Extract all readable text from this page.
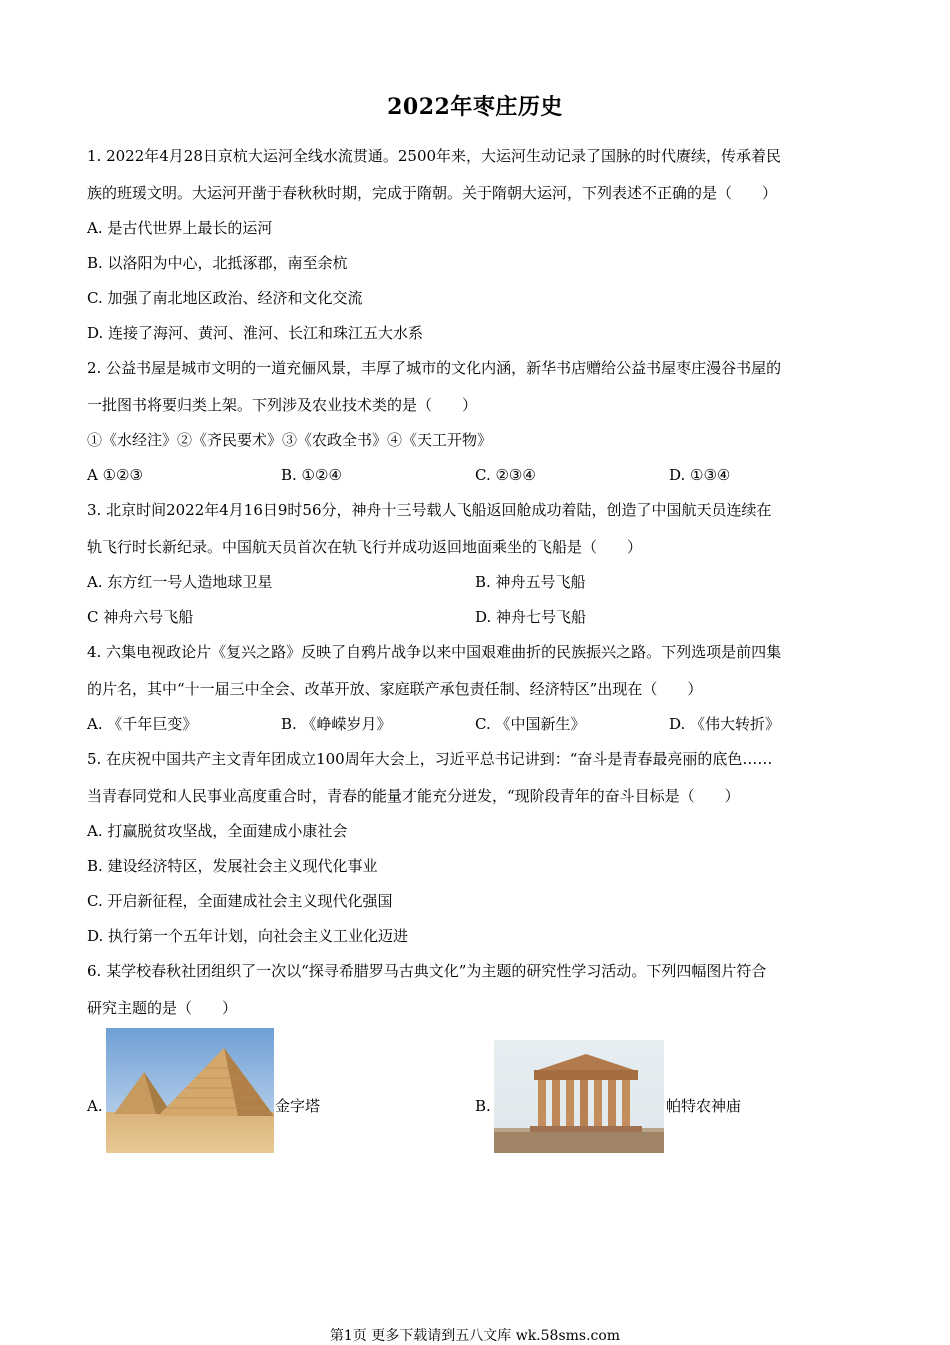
2022年枣庄历史
1. 2022年4月28日京杭大运河全线水流贯通。2500年来，大运河生动记录了国脉的时代赓续，传承着民
族的班瑗文明。大运河开凿于春秋秋时期，完成于隋朝。关于隋朝大运河，下列表述不正确的是（　　）
A. 是古代世界上最长的运河
B. 以洛阳为中心，北抵涿郡，南至余杭
C. 加强了南北地区政治、经济和文化交流
D. 连接了海河、黄河、淮河、长江和珠江五大水系
2. 公益书屋是城市文明的一道充俪风景，丰厚了城市的文化内涵，新华书店赠给公益书屋枣庄漫谷书屋的
一批图书将要归类上架。下列涉及农业技术类的是（　　）
①《水经注》②《齐民要术》③《农政全书》④《天工开物》
A ①②③	B. ①②④	C. ②③④	D. ①③④
3. 北京时间2022年4月16日9时56分，神舟十三号载人飞船返回舱成功着陆，创造了中国航天员连续在
轨飞行时长新纪录。中国航天员首次在轨飞行并成功返回地面乘坐的飞船是（　　）
A. 东方红一号人造地球卫星	B. 神舟五号飞船
C 神舟六号飞船	D. 神舟七号飞船
4. 六集电视政论片《复兴之路》反映了自鸦片战争以来中国艰难曲折的民族振兴之路。下列选项是前四集
的片名，其中“十一届三中全会、改革开放、家庭联产承包责任制、经济特区”出现在（　　）
A. 《千年巨变》	B. 《峥嵘岁月》	C. 《中国新生》	D. 《伟大转折》
5. 在庆祝中国共产主文青年团成立100周年大会上，习近平总书记讲到：“奋斗是青春最亮丽的底色……
当青春同党和人民事业高度重合时，青春的能量才能充分迸发，“现阶段青年的奋斗目标是（　　）
A. 打赢脱贫攻坚战，全面建成小康社会
B. 建设经济特区，发展社会主义现代化事业
C. 开启新征程，全面建成社会主义现代化强国
D. 执行第一个五年计划，向社会主义工业化迈进
6. 某学校春秋社团组织了一次以“探寻希腊罗马古典文化”为主题的研究性学习活动。下列四幅图片符合
研究主题的是（　　）
A.	金字塔	B.	帕特农神庙
第1页 更多下载请到五八文库 wk.58sms.com
